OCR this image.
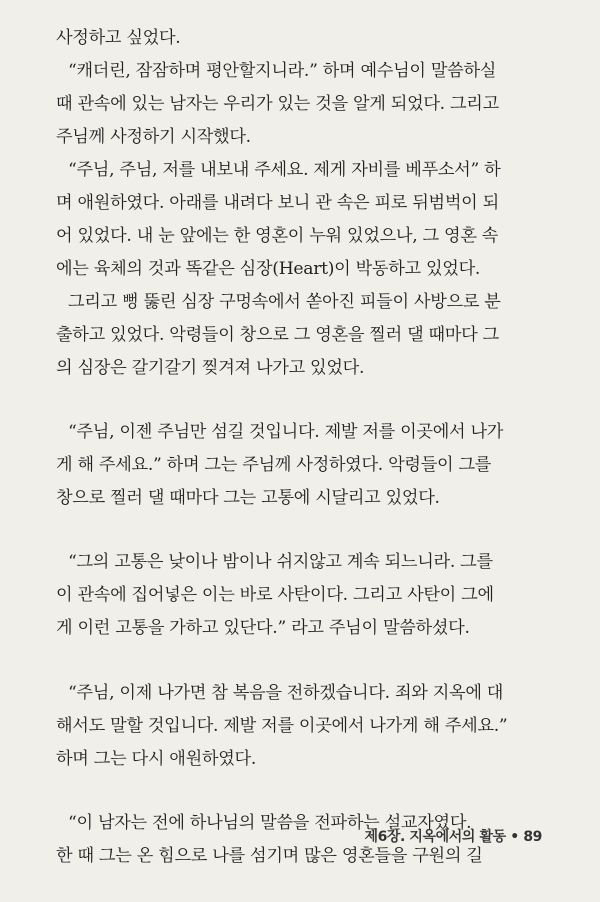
사정하고 싶었다.
“캐더린, 잠잠하며 평안할지니라.” 하며 예수님이 말씀하실
때 관속에 있는 남자는 우리가 있는 것을 알게 되었다. 그리고
주님께 사정하기 시작했다.
“주님, 주님, 저를 내보내 주세요. 제게 자비를 베푸소서” 하
며 애원하였다. 아래를 내려다 보니 관 속은 피로 뒤범벅이 되
어 있었다. 내 눈 앞에는 한 영혼이 누워 있었으나, 그 영혼 속
에는 육체의 것과 똑같은 심장(Heart)이 박동하고 있었다.
그리고 뻥 뚫린 심장 구멍속에서 쏟아진 피들이 사방으로 분
출하고 있었다. 악령들이 창으로 그 영혼을 찔러 댈 때마다 그
의 심장은 갈기갈기 찢겨져 나가고 있었다.
“주님, 이젠 주님만 섬길 것입니다. 제발 저를 이곳에서 나가
게 해 주세요.” 하며 그는 주님께 사정하였다. 악령들이 그를
창으로 찔러 댈 때마다 그는 고통에 시달리고 있었다.
“그의 고통은 낮이나 밤이나 쉬지않고 계속 되느니라. 그를
이 관속에 집어넣은 이는 바로 사탄이다. 그리고 사탄이 그에
게 이런 고통을 가하고 있단다.” 라고 주님이 말씀하셨다.
“주님, 이제 나가면 참 복음을 전하겠습니다. 죄와 지옥에 대
해서도 말할 것입니다. 제발 저를 이곳에서 나가게 해 주세요.”
하며 그는 다시 애원하였다.
“이 남자는 전에 하나님의 말씀을 전파하는 설교자였다.
한 때 그는 온 힘으로 나를 섬기며 많은 영혼들을 구원의 길
제6장. 지옥에서의 활동 • 89
